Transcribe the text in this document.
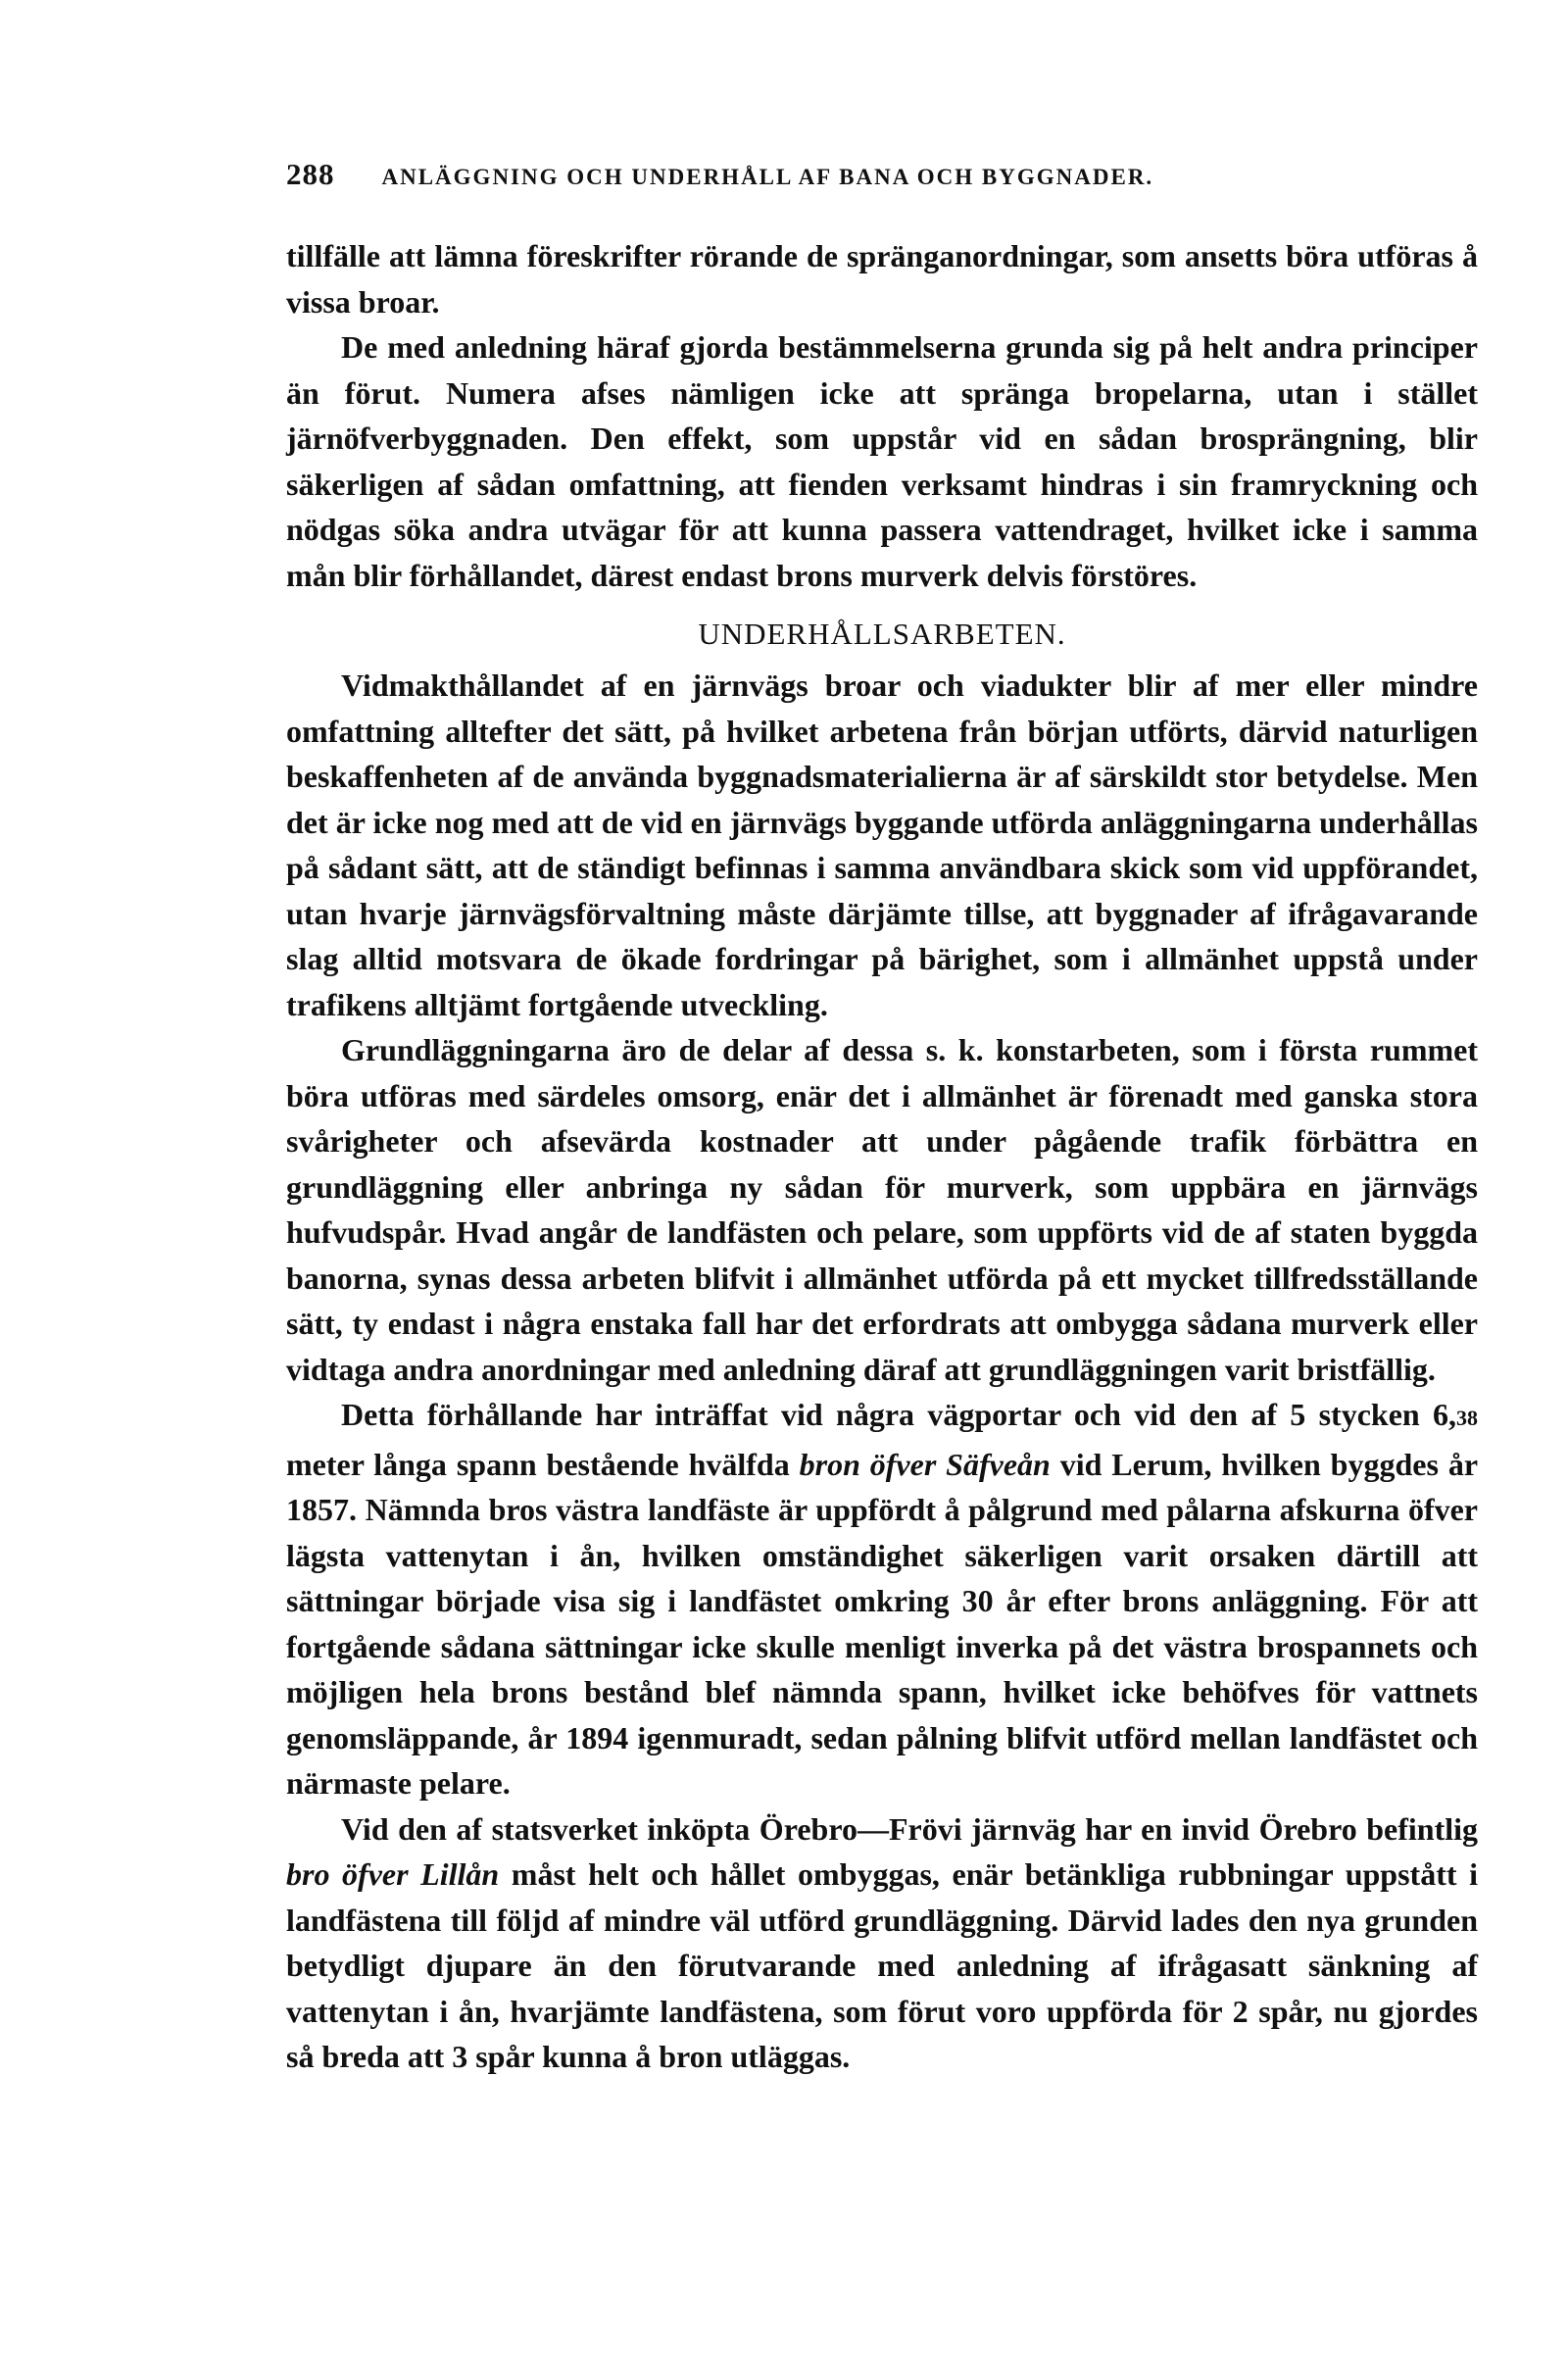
288 ANLÄGGNING OCH UNDERHÅLL AF BANA OCH BYGGNADER.

tillfälle att lämna föreskrifter rörande de spränganordningar, som ansetts böra utföras å vissa broar.

De med anledning häraf gjorda bestämmelserna grunda sig på helt andra principer än förut. Numera afses nämligen icke att spränga bropelarna, utan i stället järnöfverbyggnaden. Den effekt, som uppstår vid en sådan brosprängning, blir säkerligen af sådan omfattning, att fienden verksamt hindras i sin framryckning och nödgas söka andra utvägar för att kunna passera vattendraget, hvilket icke i samma mån blir förhållandet, därest endast brons murverk delvis förstöres.

UNDERHÅLLSARBETEN.

Vidmakthållandet af en järnvägs broar och viadukter blir af mer eller mindre omfattning alltefter det sätt, på hvilket arbetena från början utförts, därvid naturligen beskaffenheten af de använda byggnadsmaterialierna är af särskildt stor betydelse. Men det är icke nog med att de vid en järnvägs byggande utförda anläggningarna underhållas på sådant sätt, att de ständigt befinnas i samma användbara skick som vid uppförandet, utan hvarje järnvägsförvaltning måste därjämte tillse, att byggnader af ifrågavarande slag alltid motsvara de ökade fordringar på bärighet, som i allmänhet uppstå under trafikens alltjämt fortgående utveckling.

Grundläggningarna äro de delar af dessa s. k. konstarbeten, som i första rummet böra utföras med särdeles omsorg, enär det i allmänhet är förenadt med ganska stora svårigheter och afsevärda kostnader att under pågående trafik förbättra en grundläggning eller anbringa ny sådan för murverk, som uppbära en järnvägs hufvudspår. Hvad angår de landfästen och pelare, som uppförts vid de af staten byggda banorna, synas dessa arbeten blifvit i allmänhet utförda på ett mycket tillfredsställande sätt, ty endast i några enstaka fall har det erfordrats att ombygga sådana murverk eller vidtaga andra anordningar med anledning däraf att grundläggningen varit bristfällig.

Detta förhållande har inträffat vid några vägportar och vid den af 5 stycken 6,38 meter långa spann bestående hvälfda bron öfver Säfveån vid Lerum, hvilken byggdes år 1857. Nämnda bros västra landfäste är uppfördt å pålgrund med pålarna afskurna öfver lägsta vattenytan i ån, hvilken omständighet säkerligen varit orsaken därtill att sättningar började visa sig i landfästet omkring 30 år efter brons anläggning. För att fortgående sådana sättningar icke skulle menligt inverka på det västra brospannets och möjligen hela brons bestånd blef nämnda spann, hvilket icke behöfves för vattnets genomsläppande, år 1894 igenmuradt, sedan pålning blifvit utförd mellan landfästet och närmaste pelare.

Vid den af statsverket inköpta Örebro—Frövi järnväg har en invid Örebro befintlig bro öfver Lillån måst helt och hållet ombyggas, enär betänkliga rubbningar uppstått i landfästena till följd af mindre väl utförd grundläggning. Därvid lades den nya grunden betydligt djupare än den förutvarande med anledning af ifrågasatt sänkning af vattenytan i ån, hvarjämte landfästena, som förut voro uppförda för 2 spår, nu gjordes så breda att 3 spår kunna å bron utläggas.
